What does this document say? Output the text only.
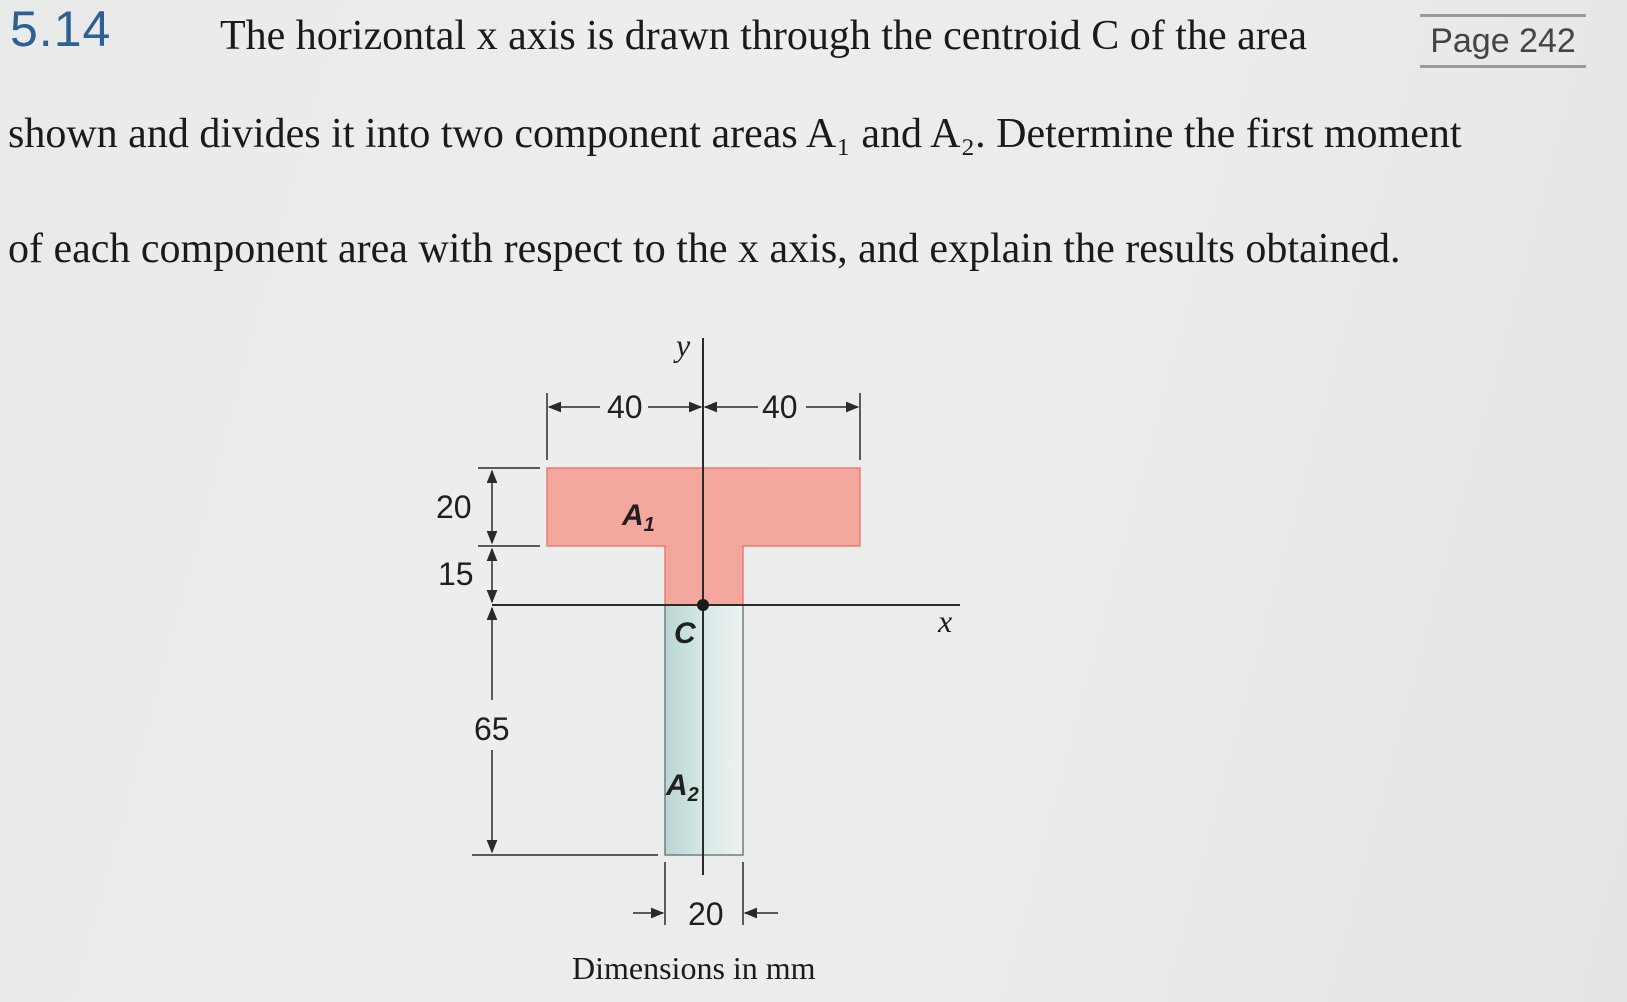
5.14	The horizontal x axis is drawn through the centroid C of the area	Page 242
shown and divides it into two component areas A₁ and A₂. Determine the first moment
of each component area with respect to the x axis, and explain the results obtained.
y
x
C
$A_1$
$A_2$
40	40
20
15
65
20
Dimensions in mm
